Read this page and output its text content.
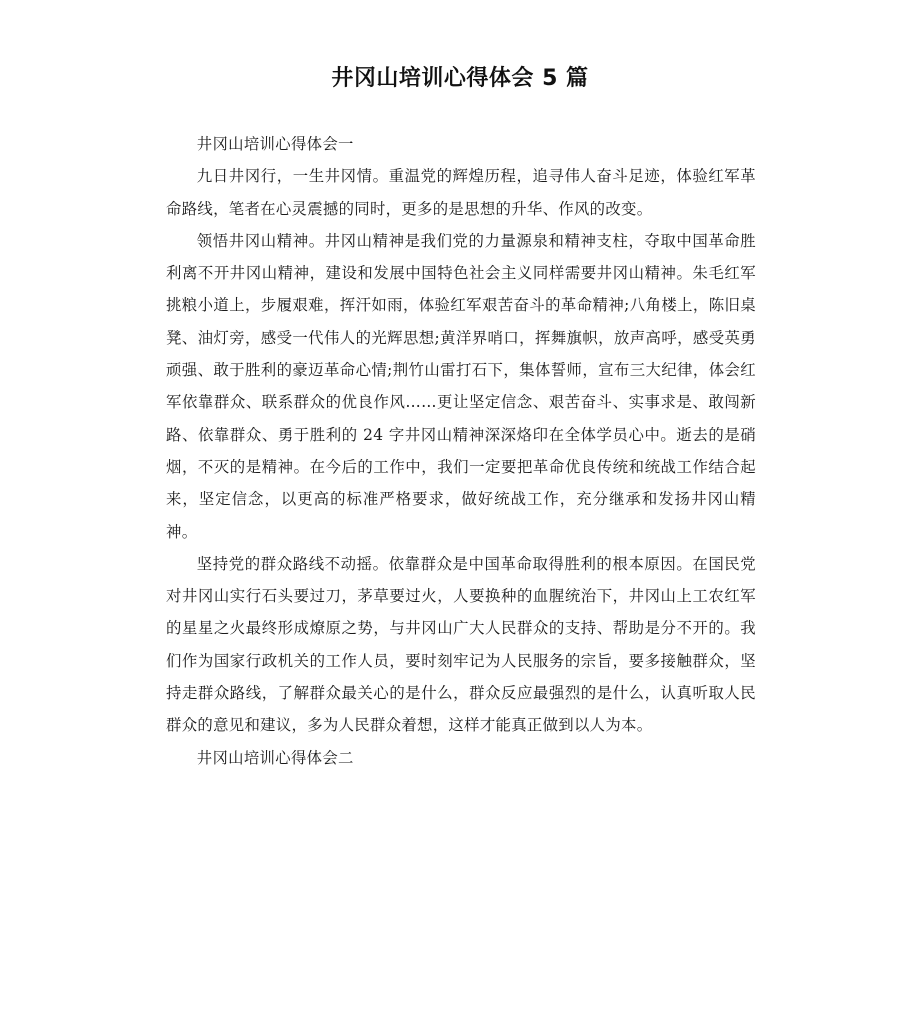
井冈山培训心得体会 5 篇

井冈山培训心得体会一

九日井冈行，一生井冈情。重温党的辉煌历程，追寻伟人奋斗足迹，体验红军革命路线，笔者在心灵震撼的同时，更多的是思想的升华、作风的改变。

领悟井冈山精神。井冈山精神是我们党的力量源泉和精神支柱，夺取中国革命胜利离不开井冈山精神，建设和发展中国特色社会主义同样需要井冈山精神。朱毛红军挑粮小道上，步履艰难，挥汗如雨，体验红军艰苦奋斗的革命精神;八角楼上，陈旧桌凳、油灯旁，感受一代伟人的光辉思想;黄洋界哨口，挥舞旗帜，放声高呼，感受英勇顽强、敢于胜利的豪迈革命心情;荆竹山雷打石下，集体誓师，宣布三大纪律，体会红军依靠群众、联系群众的优良作风……更让坚定信念、艰苦奋斗、实事求是、敢闯新路、依靠群众、勇于胜利的 24 字井冈山精神深深烙印在全体学员心中。逝去的是硝烟，不灭的是精神。在今后的工作中，我们一定要把革命优良传统和统战工作结合起来，坚定信念，以更高的标准严格要求，做好统战工作，充分继承和发扬井冈山精神。

坚持党的群众路线不动摇。依靠群众是中国革命取得胜利的根本原因。在国民党对井冈山实行石头要过刀，茅草要过火，人要换种的血腥统治下，井冈山上工农红军的星星之火最终形成燎原之势，与井冈山广大人民群众的支持、帮助是分不开的。我们作为国家行政机关的工作人员，要时刻牢记为人民服务的宗旨，要多接触群众，坚持走群众路线，了解群众最关心的是什么，群众反应最强烈的是什么，认真听取人民群众的意见和建议，多为人民群众着想，这样才能真正做到以人为本。

井冈山培训心得体会二
